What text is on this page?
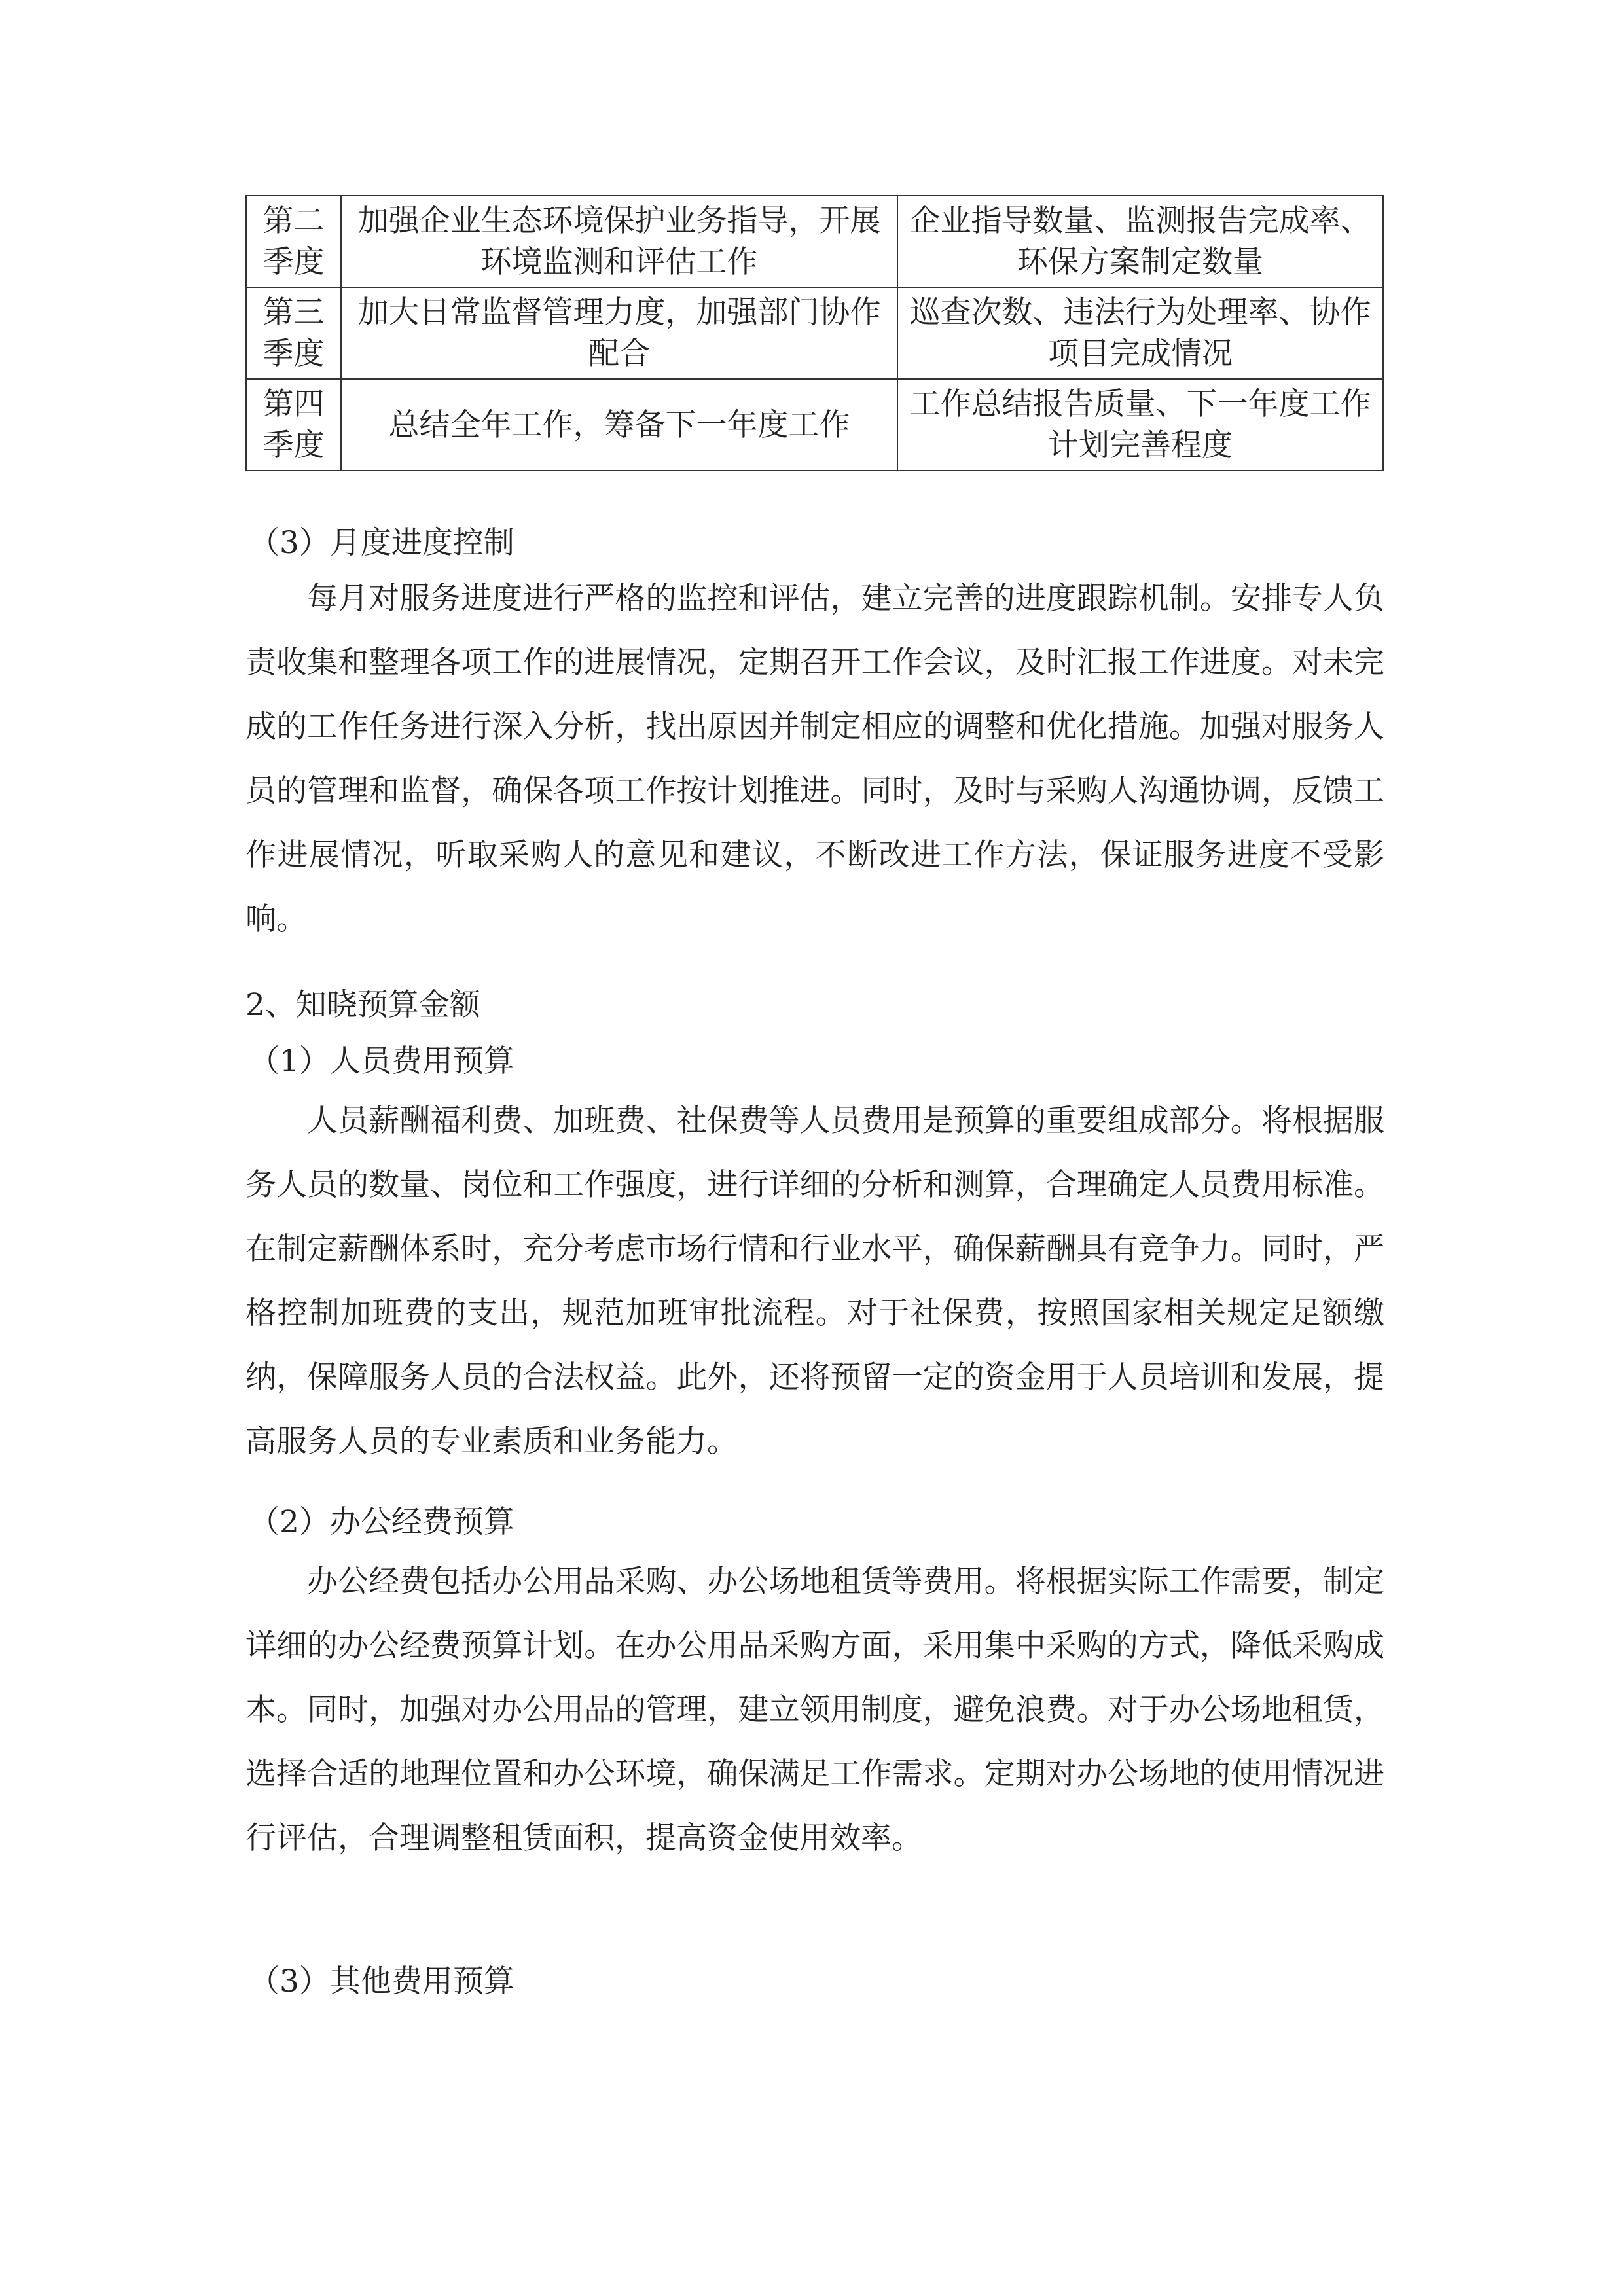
第二季度	加强企业生态环境保护业务指导，开展环境监测和评估工作	企业指导数量、监测报告完成率、环保方案制定数量
第三季度	加大日常监督管理力度，加强部门协作配合	巡查次数、违法行为处理率、协作项目完成情况
第四季度	总结全年工作，筹备下一年度工作	工作总结报告质量、下一年度工作计划完善程度
（3）月度进度控制

每月对服务进度进行严格的监控和评估，建立完善的进度跟踪机制。安排专人负责收集和整理各项工作的进展情况，定期召开工作会议，及时汇报工作进度。对未完成的工作任务进行深入分析，找出原因并制定相应的调整和优化措施。加强对服务人员的管理和监督，确保各项工作按计划推进。同时，及时与采购人沟通协调，反馈工作进展情况，听取采购人的意见和建议，不断改进工作方法，保证服务进度不受影响。

2、知晓预算金额
（1）人员费用预算

人员薪酬福利费、加班费、社保费等人员费用是预算的重要组成部分。将根据服务人员的数量、岗位和工作强度，进行详细的分析和测算，合理确定人员费用标准。在制定薪酬体系时，充分考虑市场行情和行业水平，确保薪酬具有竞争力。同时，严格控制加班费的支出，规范加班审批流程。对于社保费，按照国家相关规定足额缴纳，保障服务人员的合法权益。此外，还将预留一定的资金用于人员培训和发展，提高服务人员的专业素质和业务能力。

（2）办公经费预算

办公经费包括办公用品采购、办公场地租赁等费用。将根据实际工作需要，制定详细的办公经费预算计划。在办公用品采购方面，采用集中采购的方式，降低采购成本。同时，加强对办公用品的管理，建立领用制度，避免浪费。对于办公场地租赁，选择合适的地理位置和办公环境，确保满足工作需求。定期对办公场地的使用情况进行评估，合理调整租赁面积，提高资金使用效率。

（3）其他费用预算
